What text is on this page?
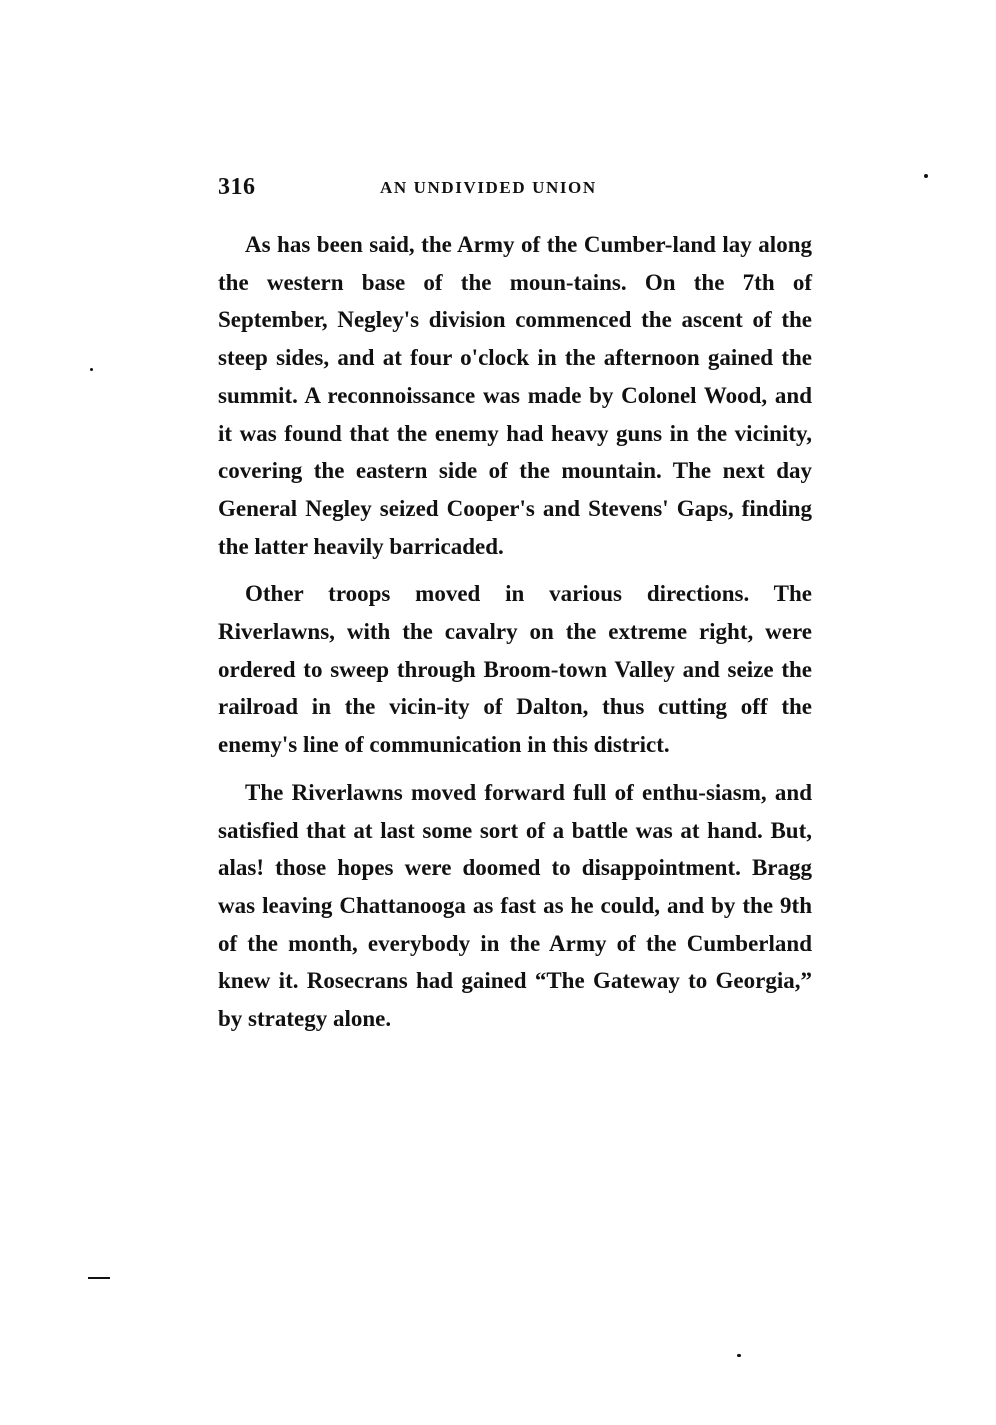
316	AN UNDIVIDED UNION

As has been said, the Army of the Cumber-land lay along the western base of the moun-tains. On the 7th of September, Negley's division commenced the ascent of the steep sides, and at four o'clock in the afternoon gained the summit. A reconnoissance was made by Colonel Wood, and it was found that the enemy had heavy guns in the vicinity, covering the eastern side of the mountain. The next day General Negley seized Cooper's and Stevens' Gaps, finding the latter heavily barricaded.

Other troops moved in various directions. The Riverlawns, with the cavalry on the extreme right, were ordered to sweep through Broom-town Valley and seize the railroad in the vicin-ity of Dalton, thus cutting off the enemy's line of communication in this district.

The Riverlawns moved forward full of enthu-siasm, and satisfied that at last some sort of a battle was at hand. But, alas! those hopes were doomed to disappointment. Bragg was leaving Chattanooga as fast as he could, and by the 9th of the month, everybody in the Army of the Cumberland knew it. Rosecrans had gained “The Gateway to Georgia,” by strategy alone.
